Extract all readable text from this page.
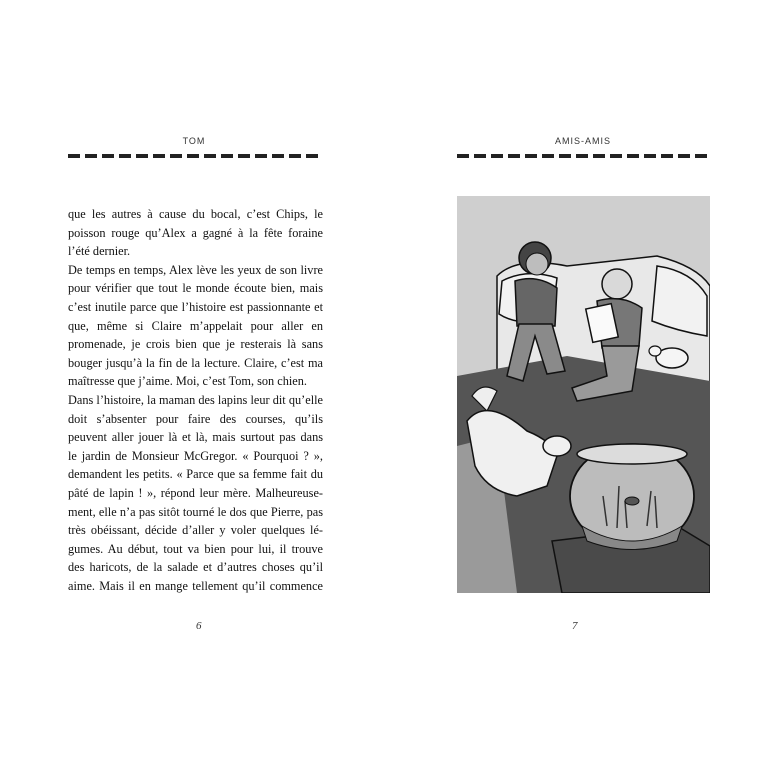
TOM
que les autres à cause du bocal, c’est Chips, le
poisson rouge qu’Alex a gagné à la fête foraine
l’été dernier.
De temps en temps, Alex lève les yeux de son livre
pour vérifier que tout le monde écoute bien, mais
c’est inutile parce que l’histoire est passionnante et
que, même si Claire m’appelait pour aller en
promenade, je crois bien que je resterais là sans
bouger jusqu’à la fin de la lecture. Claire, c’est ma
maîtresse que j’aime. Moi, c’est Tom, son chien.
Dans l’histoire, la maman des lapins leur dit qu’elle
doit s’absenter pour faire des courses, qu’ils
peuvent aller jouer là et là, mais surtout pas dans
le jardin de Monsieur McGregor. « Pourquoi ? »,
demandent les petits. « Parce que sa femme fait du
pâté de lapin ! », répond leur mère. Malheureuse-
ment, elle n’a pas sitôt tourné le dos que Pierre, pas
très obéissant, décide d’aller y voler quelques lé-
gumes. Au début, tout va bien pour lui, il trouve
des haricots, de la salade et d’autres choses qu’il
aime. Mais il en mange tellement qu’il commence
6
AMIS-AMIS
7
